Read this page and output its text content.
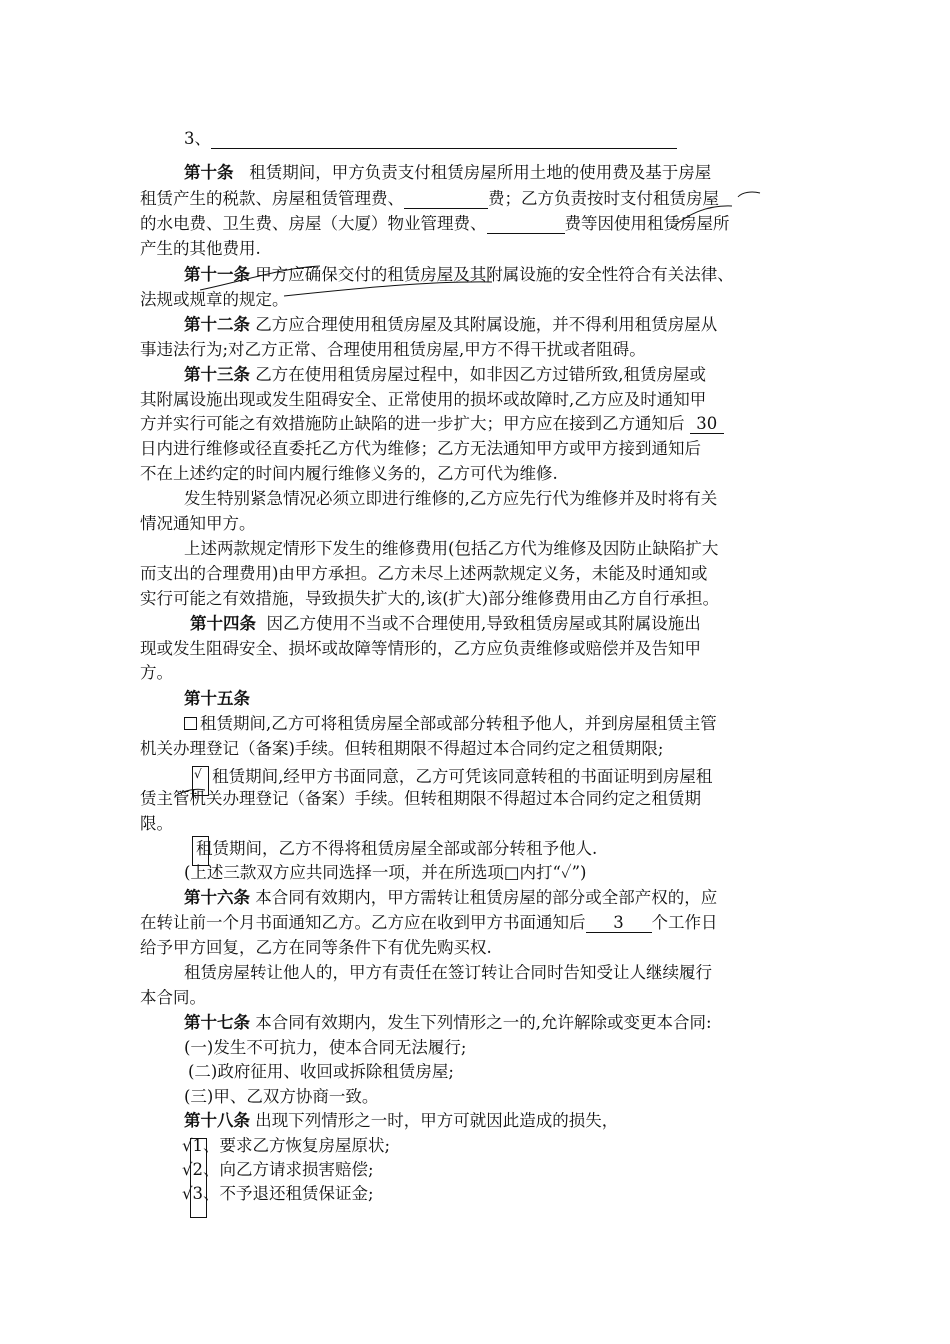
3、
第十条 租赁期间，甲方负责支付租赁房屋所用土地的使用费及基于房屋
租赁产生的税款、房屋租赁管理费、	费；乙方负责按时支付租赁房屋
的水电费、卫生费、房屋（大厦）物业管理费、	费等因使用租赁房屋所
产生的其他费用.
第十一条 甲方应确保交付的租赁房屋及其附属设施的安全性符合有关法律、
法规或规章的规定。
第十二条 乙方应合理使用租赁房屋及其附属设施，并不得利用租赁房屋从
事违法行为;对乙方正常、合理使用租赁房屋,甲方不得干扰或者阻碍。
第十三条 乙方在使用租赁房屋过程中，如非因乙方过错所致,租赁房屋或
其附属设施出现或发生阻碍安全、正常使用的损坏或故障时,乙方应及时通知甲
方并实行可能之有效措施防止缺陷的进一步扩大；甲方应在接到乙方通知后 30
日内进行维修或径直委托乙方代为维修；乙方无法通知甲方或甲方接到通知后
不在上述约定的时间内履行维修义务的，乙方可代为维修.
发生特别紧急情况必须立即进行维修的,乙方应先行代为维修并及时将有关
情况通知甲方。
上述两款规定情形下发生的维修费用(包括乙方代为维修及因防止缺陷扩大
而支出的合理费用)由甲方承担。乙方未尽上述两款规定义务，未能及时通知或
实行可能之有效措施，导致损失扩大的,该(扩大)部分维修费用由乙方自行承担。
第十四条 因乙方使用不当或不合理使用,导致租赁房屋或其附属设施出
现或发生阻碍安全、损坏或故障等情形的，乙方应负责维修或赔偿并及告知甲
方。
第十五条
租赁期间,乙方可将租赁房屋全部或部分转租予他人，并到房屋租赁主管
机关办理登记（备案)手续。但转租期限不得超过本合同约定之租赁期限;
√ 租赁期间,经甲方书面同意，乙方可凭该同意转租的书面证明到房屋租
赁主管机关办理登记（备案）手续。但转租期限不得超过本合同约定之租赁期
限。
租赁期间，乙方不得将租赁房屋全部或部分转租予他人.
(上述三款双方应共同选择一项，并在所选项□内打“✓”)
第十六条 本合同有效期内，甲方需转让租赁房屋的部分或全部产权的，应
在转让前一个月书面通知乙方。乙方应在收到甲方书面通知后 3 个工作日
给予甲方回复，乙方在同等条件下有优先购买权.
租赁房屋转让他人的，甲方有责任在签订转让合同时告知受让人继续履行
本合同。
第十七条 本合同有效期内，发生下列情形之一的,允许解除或变更本合同:
(一)发生不可抗力，使本合同无法履行;
(二)政府征用、收回或拆除租赁房屋;
(三)甲、乙双方协商一致。
第十八条 出现下列情形之一时，甲方可就因此造成的损失，
√1、要求乙方恢复房屋原状;
√2、向乙方请求损害赔偿;
√3、不予退还租赁保证金;
